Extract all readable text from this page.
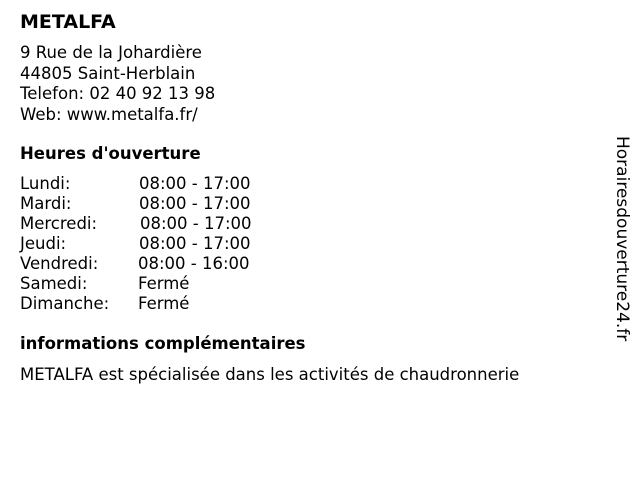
METALFA
9 Rue de la Johardière
44805 Saint-Herblain
Telefon: 02 40 92 13 98
Web: www.metalfa.fr/
Heures d'ouverture
Lundi:	08:00 - 17:00
Mardi:	08:00 - 17:00
Mercredi:	08:00 - 17:00
Jeudi:	08:00 - 17:00
Vendredi: 08:00 - 16:00
Samedi:	Fermé
Dimanche: Fermé
informations complémentaires
METALFA est spécialisée dans les activités de chaudronnerie
Horairesdouverture24.fr
